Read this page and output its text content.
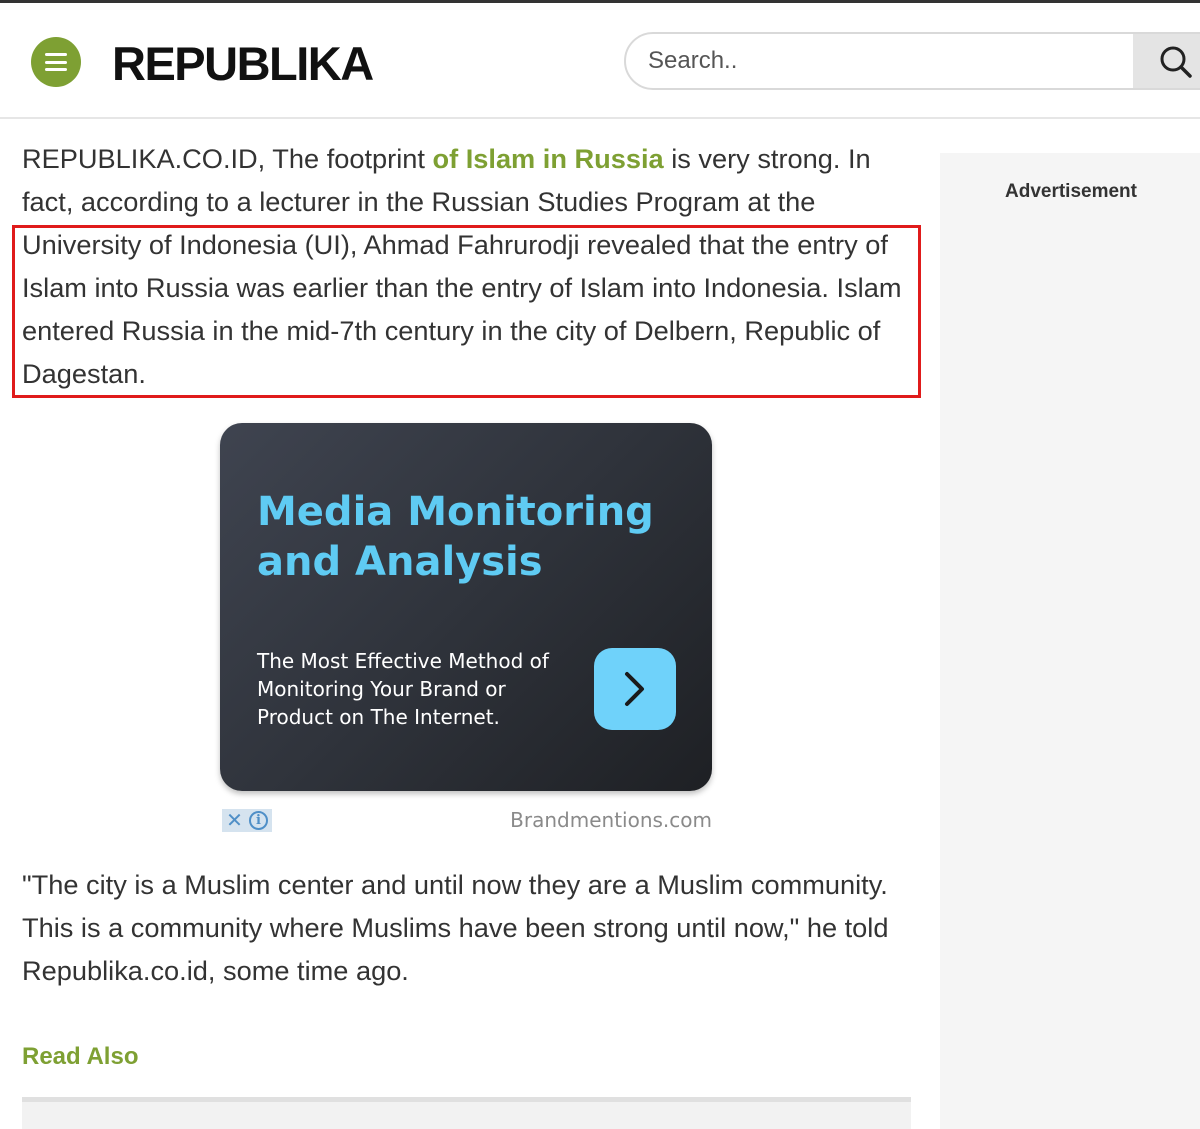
REPUBLIKA
Search..

REPUBLIKA.CO.ID, The footprint of Islam in Russia is very strong. In fact, according to a lecturer in the Russian Studies Program at the University of Indonesia (UI), Ahmad Fahrurodji revealed that the entry of Islam into Russia was earlier than the entry of Islam into Indonesia. Islam entered Russia in the mid-7th century in the city of Delbern, Republic of Dagestan.

Media Monitoring and Analysis
The Most Effective Method of Monitoring Your Brand or Product on The Internet.
✕	i	Brandmentions.com

"The city is a Muslim center and until now they are a Muslim community. This is a community where Muslims have been strong until now," he told Republika.co.id, some time ago.

Read Also
Advertisement
